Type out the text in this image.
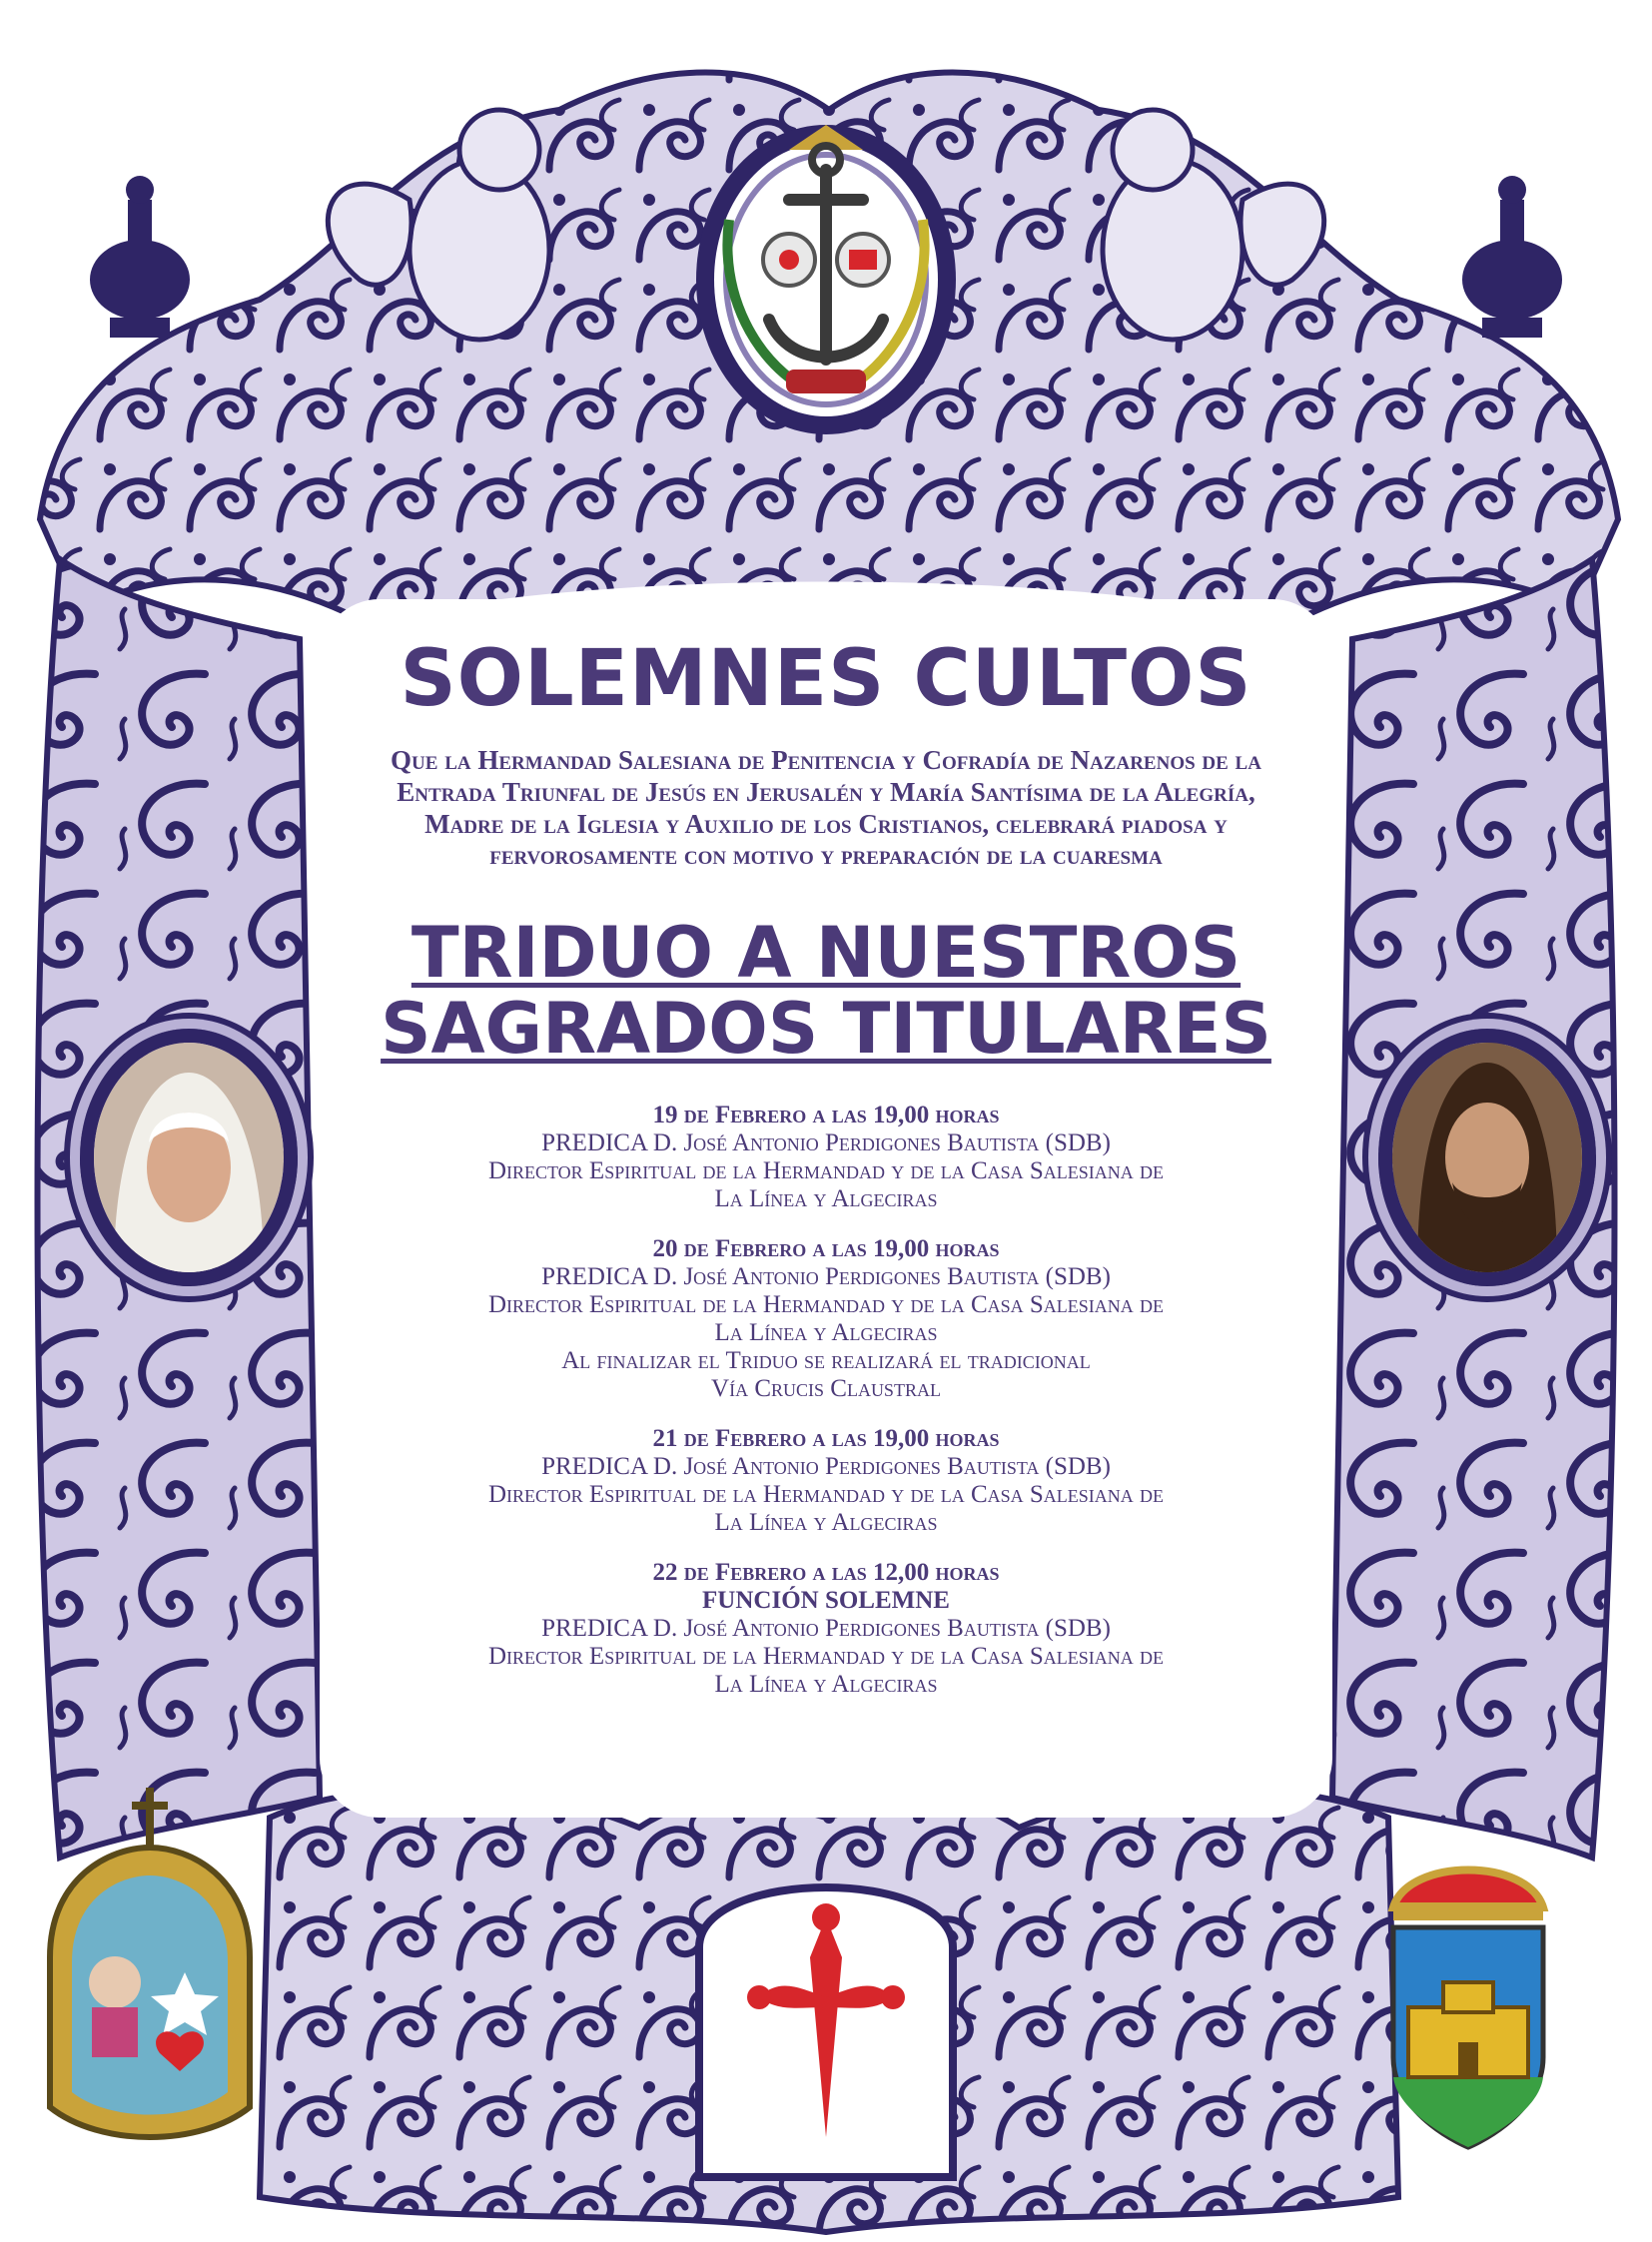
SOLEMNES CULTOS
Que la Hermandad Salesiana de Penitencia y Cofradía de Nazarenos de la Entrada Triunfal de Jesús en Jerusalén y María Santísima de la Alegría, Madre de la Iglesia y Auxilio de los Cristianos, celebrará piadosa y fervorosamente con motivo y preparación de la cuaresma
TRIDUO A NUESTROS
SAGRADOS TITULARES
19 de Febrero a las 19,00 horas
PREDICA D. José Antonio Perdigones Bautista (SDB)
Director Espiritual de la Hermandad y de la Casa Salesiana de
La Línea y Algeciras
20 de Febrero a las 19,00 horas
PREDICA D. José Antonio Perdigones Bautista (SDB)
Director Espiritual de la Hermandad y de la Casa Salesiana de
La Línea y Algeciras
Al finalizar el Triduo se realizará el tradicional
Vía Crucis Claustral
21 de Febrero a las 19,00 horas
PREDICA D. José Antonio Perdigones Bautista (SDB)
Director Espiritual de la Hermandad y de la Casa Salesiana de
La Línea y Algeciras
22 de Febrero a las 12,00 horas
FUNCIÓN SOLEMNE
PREDICA D. José Antonio Perdigones Bautista (SDB)
Director Espiritual de la Hermandad y de la Casa Salesiana de
La Línea y Algeciras
